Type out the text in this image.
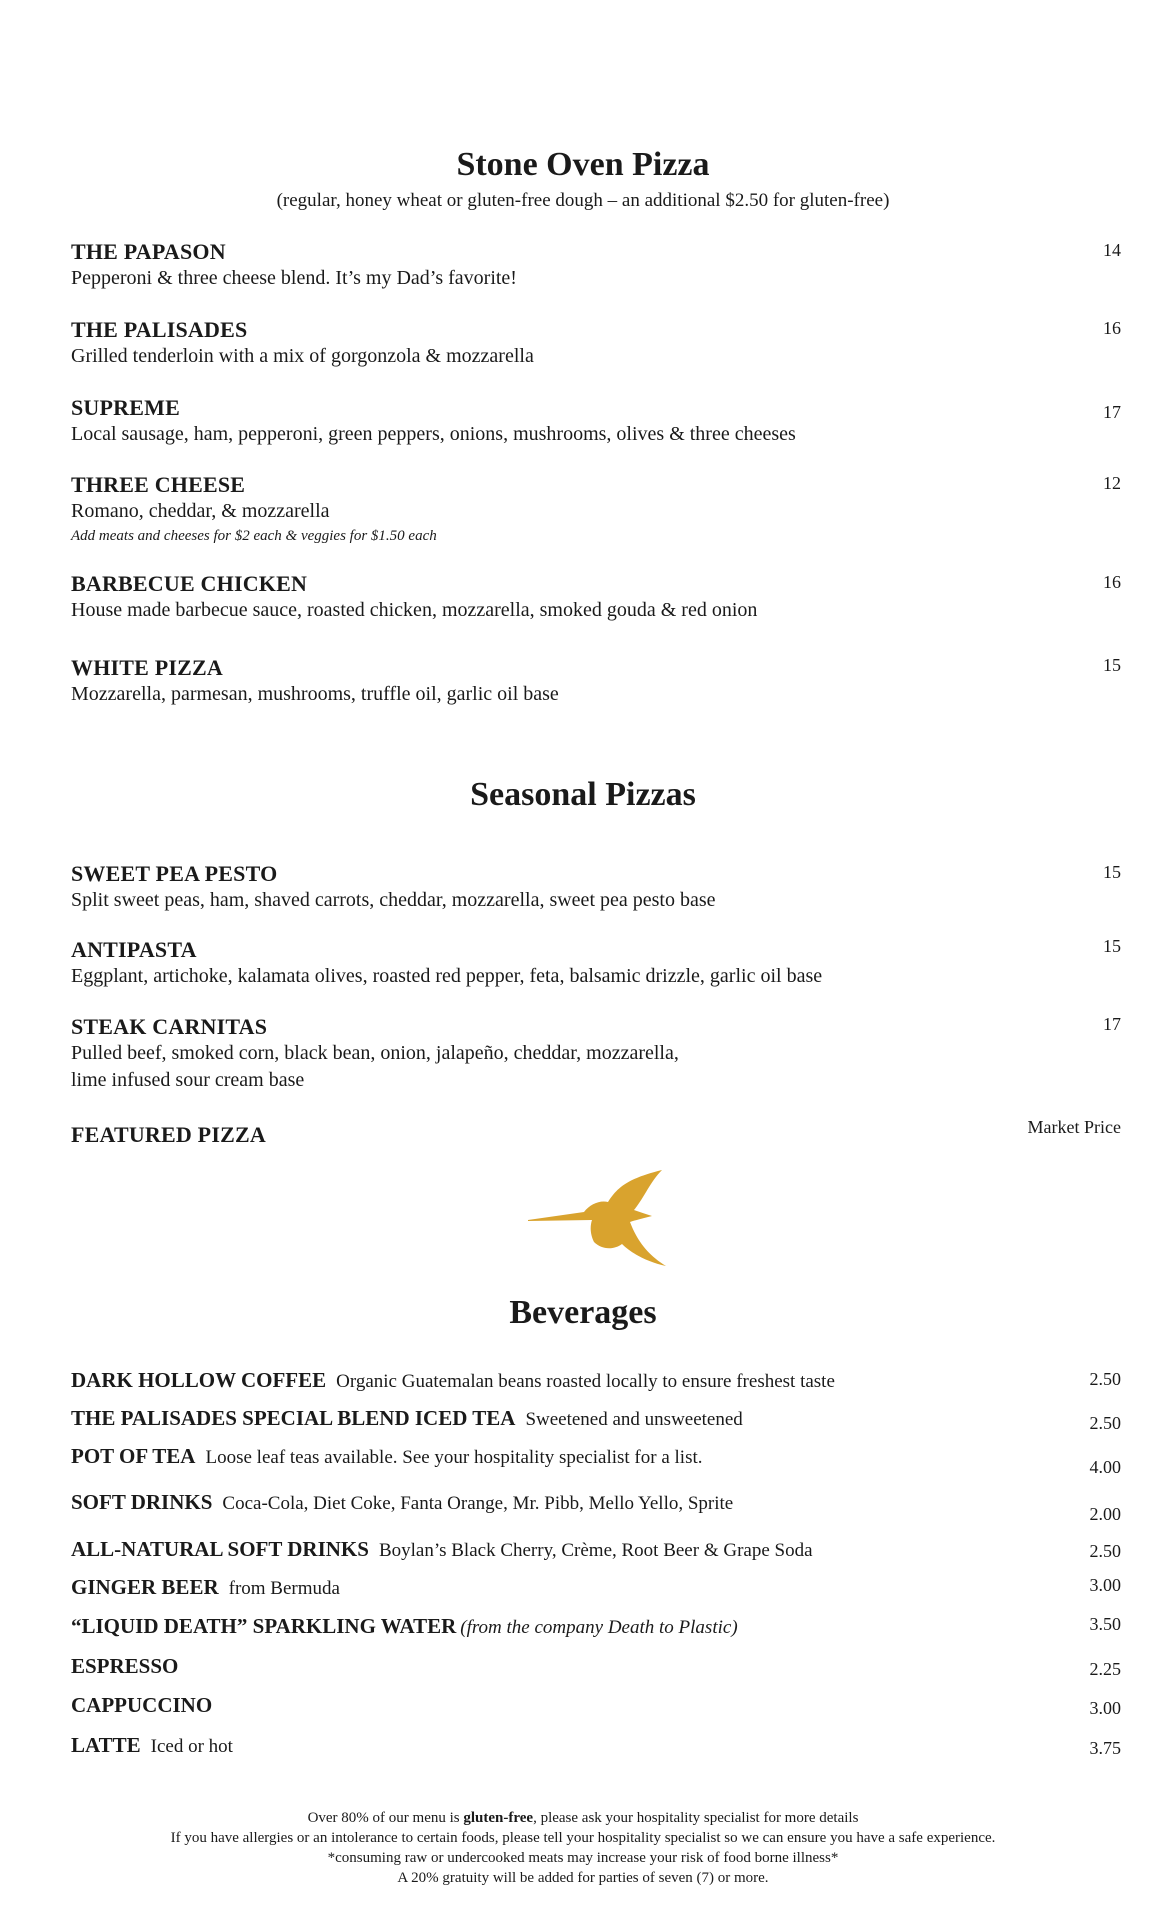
Stone Oven Pizza
(regular, honey wheat or gluten-free dough – an additional $2.50 for gluten-free)
THE PAPASON
Pepperoni & three cheese blend. It’s my Dad’s favorite!
14
THE PALISADES
Grilled tenderloin with a mix of gorgonzola & mozzarella
16
SUPREME
Local sausage, ham, pepperoni, green peppers, onions, mushrooms, olives & three cheeses
17
THREE CHEESE
Romano, cheddar, & mozzarella
Add meats and cheeses for $2 each & veggies for $1.50 each
12
BARBECUE CHICKEN
House made barbecue sauce, roasted chicken, mozzarella, smoked gouda & red onion
16
WHITE PIZZA
Mozzarella, parmesan, mushrooms, truffle oil, garlic oil base
15
Seasonal Pizzas
SWEET PEA PESTO
Split sweet peas, ham, shaved carrots, cheddar, mozzarella, sweet pea pesto base
15
ANTIPASTA
Eggplant, artichoke, kalamata olives, roasted red pepper, feta, balsamic drizzle, garlic oil base
15
STEAK CARNITAS
Pulled beef, smoked corn, black bean, onion, jalapeño, cheddar, mozzarella,
lime infused sour cream base
17
FEATURED PIZZA	Market Price
Beverages
DARK HOLLOW COFFEE Organic Guatemalan beans roasted locally to ensure freshest taste	2.50
THE PALISADES SPECIAL BLEND ICED TEA Sweetened and unsweetened	2.50
POT OF TEA Loose leaf teas available. See your hospitality specialist for a list.	4.00
SOFT DRINKS Coca-Cola, Diet Coke, Fanta Orange, Mr. Pibb, Mello Yello, Sprite	2.00
ALL-NATURAL SOFT DRINKS Boylan’s Black Cherry, Crème, Root Beer & Grape Soda	2.50
GINGER BEER from Bermuda	3.00
“LIQUID DEATH” SPARKLING WATER (from the company Death to Plastic)	3.50
ESPRESSO	2.25
CAPPUCCINO	3.00
LATTE Iced or hot	3.75
Over 80% of our menu is gluten-free, please ask your hospitality specialist for more details
If you have allergies or an intolerance to certain foods, please tell your hospitality specialist so we can ensure you have a safe experience.
*consuming raw or undercooked meats may increase your risk of food borne illness*
A 20% gratuity will be added for parties of seven (7) or more.
